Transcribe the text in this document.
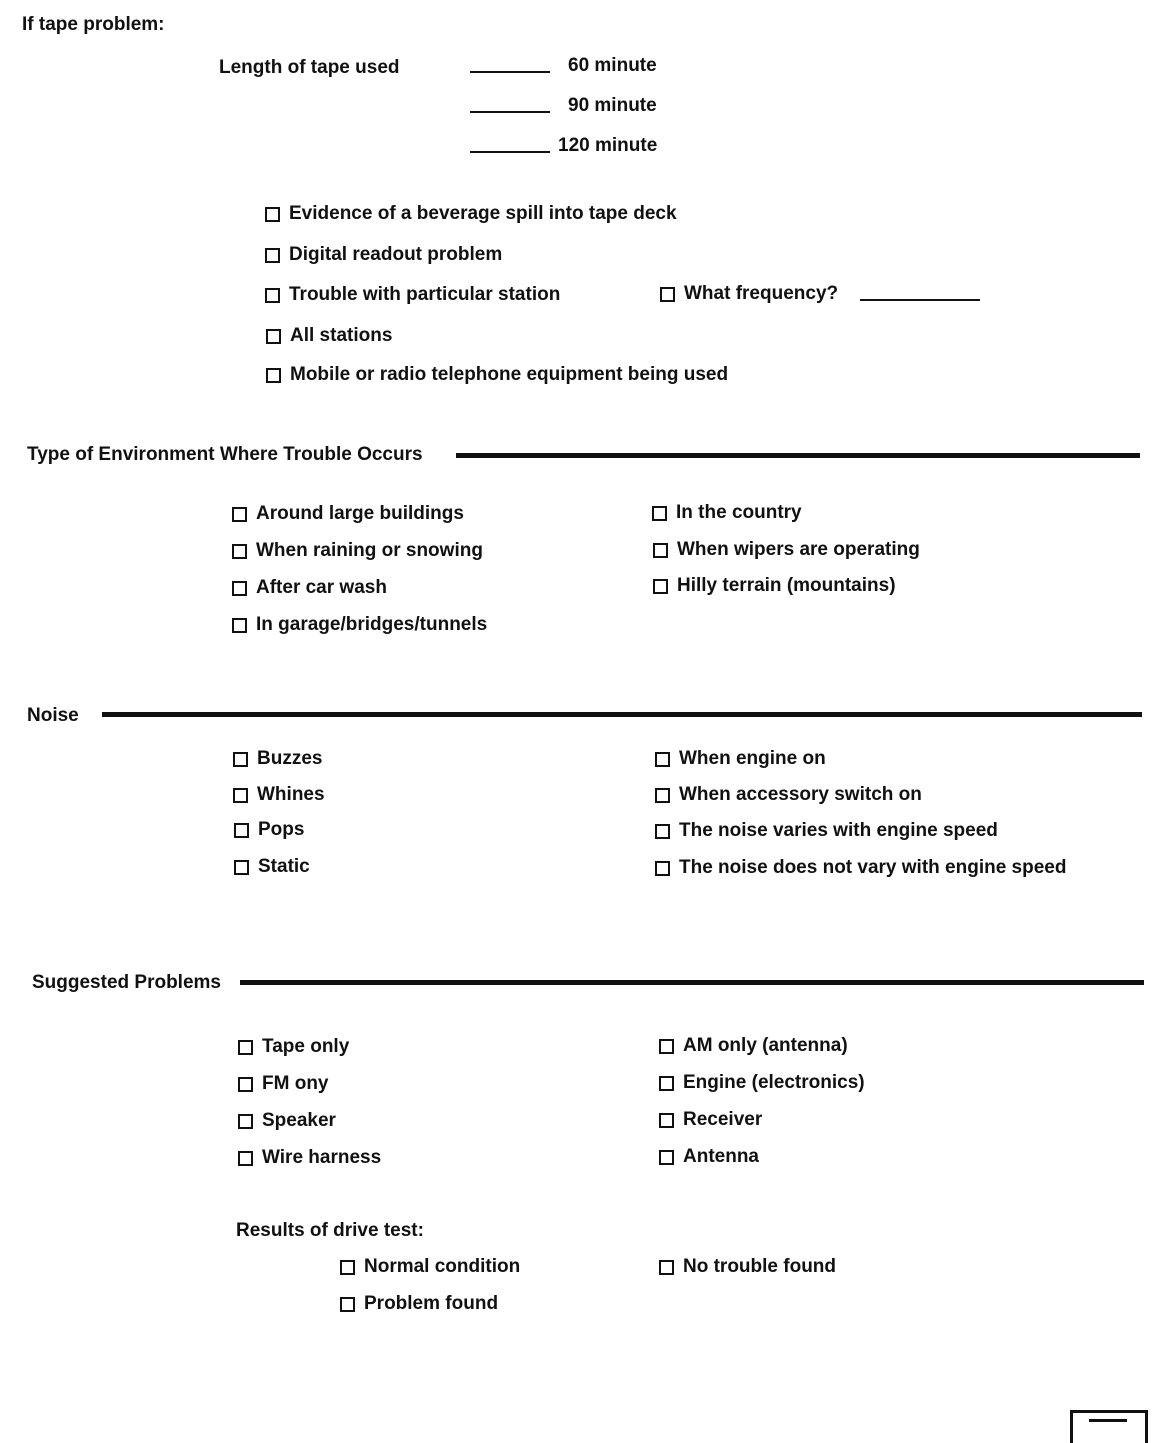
If tape problem:
Length of tape used	60 minute
90 minute
120 minute
Evidence of a beverage spill into tape deck
Digital readout problem
Trouble with particular station	What frequency?
All stations
Mobile or radio telephone equipment being used
Type of Environment Where Trouble Occurs
Around large buildings
When raining or snowing
After car wash
In garage/bridges/tunnels
In the country
When wipers are operating
Hilly terrain (mountains)
Noise
Buzzes
Whines
Pops
Static
When engine on
When accessory switch on
The noise varies with engine speed
The noise does not vary with engine speed
Suggested Problems
Tape only
FM ony
Speaker
Wire harness
AM only (antenna)
Engine (electronics)
Receiver
Antenna
Results of drive test:
Normal condition
Problem found
No trouble found
